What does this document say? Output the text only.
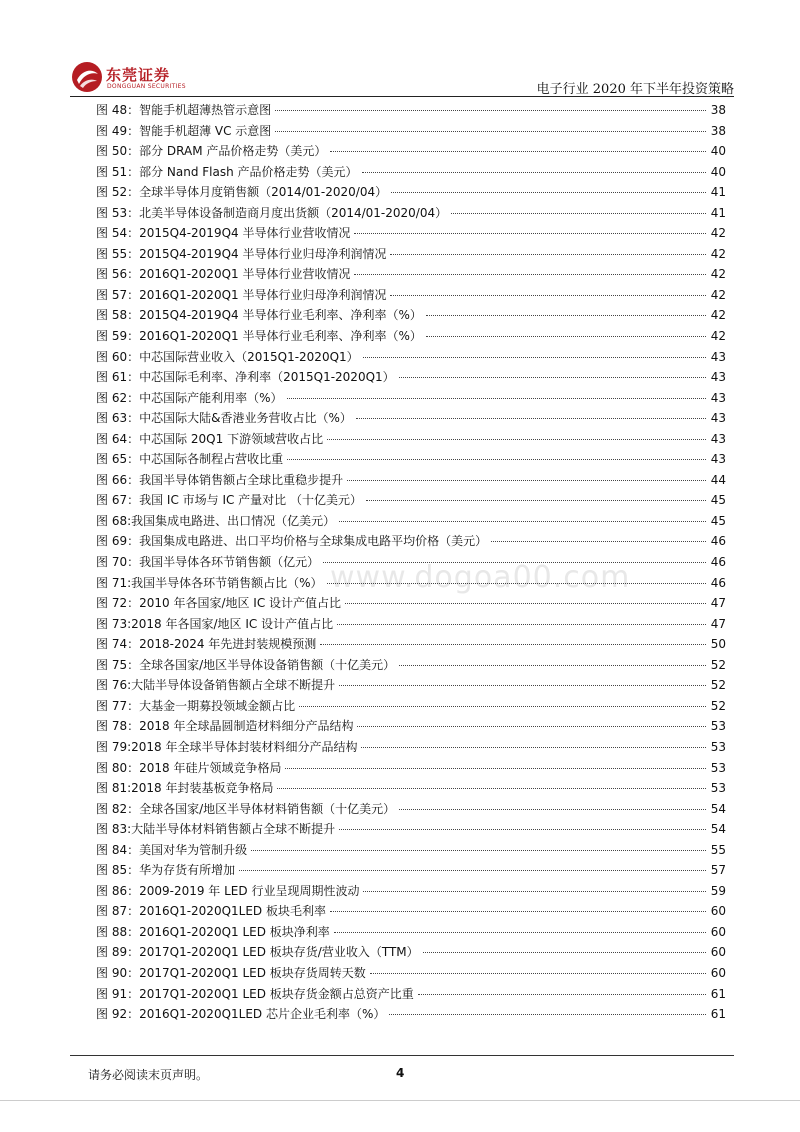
东莞证券
DONGGUAN SECURITIES	电子行业 2020 年下半年投资策略
www.dogoa00.com
图 48：智能手机超薄热管示意图	38
图 49：智能手机超薄 VC 示意图	38
图 50：部分 DRAM 产品价格走势（美元）	40
图 51：部分 Nand Flash 产品价格走势（美元）	40
图 52：全球半导体月度销售额（2014/01-2020/04）	41
图 53：北美半导体设备制造商月度出货额（2014/01-2020/04）	41
图 54：2015Q4-2019Q4 半导体行业营收情况	42
图 55：2015Q4-2019Q4 半导体行业归母净利润情况	42
图 56：2016Q1-2020Q1 半导体行业营收情况	42
图 57：2016Q1-2020Q1 半导体行业归母净利润情况	42
图 58：2015Q4-2019Q4 半导体行业毛利率、净利率（%）	42
图 59：2016Q1-2020Q1 半导体行业毛利率、净利率（%）	42
图 60：中芯国际营业收入（2015Q1-2020Q1）	43
图 61：中芯国际毛利率、净利率（2015Q1-2020Q1）	43
图 62：中芯国际产能利用率（%）	43
图 63：中芯国际大陆&香港业务营收占比（%）	43
图 64：中芯国际 20Q1 下游领域营收占比	43
图 65：中芯国际各制程占营收比重	43
图 66：我国半导体销售额占全球比重稳步提升	44
图 67：我国 IC 市场与 IC 产量对比 （十亿美元）	45
图 68:我国集成电路进、出口情况（亿美元）	45
图 69：我国集成电路进、出口平均价格与全球集成电路平均价格（美元）	46
图 70：我国半导体各环节销售额（亿元）	46
图 71:我国半导体各环节销售额占比（%）	46
图 72：2010 年各国家/地区 IC 设计产值占比	47
图 73:2018 年各国家/地区 IC 设计产值占比	47
图 74：2018-2024 年先进封装规模预测	50
图 75：全球各国家/地区半导体设备销售额（十亿美元）	52
图 76:大陆半导体设备销售额占全球不断提升	52
图 77：大基金一期募投领域金额占比	52
图 78：2018 年全球晶圆制造材料细分产品结构	53
图 79:2018 年全球半导体封装材料细分产品结构	53
图 80：2018 年硅片领域竞争格局	53
图 81:2018 年封装基板竞争格局	53
图 82：全球各国家/地区半导体材料销售额（十亿美元）	54
图 83:大陆半导体材料销售额占全球不断提升	54
图 84：美国对华为管制升级	55
图 85：华为存货有所增加	57
图 86：2009-2019 年 LED 行业呈现周期性波动	59
图 87：2016Q1-2020Q1LED 板块毛利率	60
图 88：2016Q1-2020Q1 LED 板块净利率	60
图 89：2017Q1-2020Q1 LED 板块存货/营业收入（TTM）	60
图 90：2017Q1-2020Q1 LED 板块存货周转天数	60
图 91：2017Q1-2020Q1 LED 板块存货金额占总资产比重	61
图 92：2016Q1-2020Q1LED 芯片企业毛利率（%）	61
请务必阅读末页声明。	4
